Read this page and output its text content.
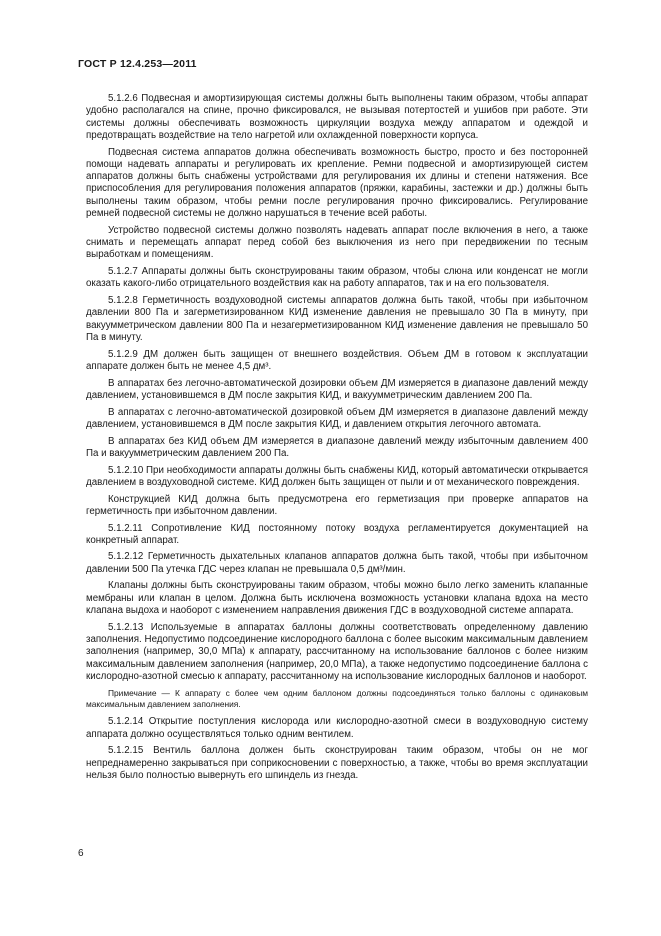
ГОСТ Р 12.4.253—2011

5.1.2.6 Подвесная и амортизирующая системы должны быть выполнены таким образом, чтобы аппарат удобно располагался на спине, прочно фиксировался, не вызывая потертостей и ушибов при работе. Эти системы должны обеспечивать возможность циркуляции воздуха между аппаратом и одеждой и предотвращать воздействие на тело нагретой или охлажденной поверхности корпуса.

Подвесная система аппаратов должна обеспечивать возможность быстро, просто и без посторонней помощи надевать аппараты и регулировать их крепление. Ремни подвесной и амортизирующей систем аппаратов должны быть снабжены устройствами для регулирования их длины и степени натяжения. Все приспособления для регулирования положения аппаратов (пряжки, карабины, застежки и др.) должны быть выполнены таким образом, чтобы ремни после регулирования прочно фиксировались. Регулирование ремней подвесной системы не должно нарушаться в течение всей работы.

Устройство подвесной системы должно позволять надевать аппарат после включения в него, а также снимать и перемещать аппарат перед собой без выключения из него при передвижении по тесным выработкам и помещениям.

5.1.2.7 Аппараты должны быть сконструированы таким образом, чтобы слюна или конденсат не могли оказать какого-либо отрицательного воздействия как на работу аппаратов, так и на его пользователя.

5.1.2.8 Герметичность воздуховодной системы аппаратов должна быть такой, чтобы при избыточном давлении 800 Па и загерметизированном КИД изменение давления не превышало 30 Па в минуту, при вакуумметрическом давлении 800 Па и незагерметизированном КИД изменение давления не превышало 50 Па в минуту.

5.1.2.9 ДМ должен быть защищен от внешнего воздействия. Объем ДМ в готовом к эксплуатации аппарате должен быть не менее 4,5 дм³.

В аппаратах без легочно-автоматической дозировки объем ДМ измеряется в диапазоне давлений между давлением, установившемся в ДМ после закрытия КИД, и вакуумметрическим давлением 200 Па.

В аппаратах с легочно-автоматической дозировкой объем ДМ измеряется в диапазоне давлений между давлением, установившемся в ДМ после закрытия КИД, и давлением открытия легочного автомата.

В аппаратах без КИД объем ДМ измеряется в диапазоне давлений между избыточным давлением 400 Па и вакуумметрическим давлением 200 Па.

5.1.2.10 При необходимости аппараты должны быть снабжены КИД, который автоматически открывается давлением в воздуховодной системе. КИД должен быть защищен от пыли и от механического повреждения.

Конструкцией КИД должна быть предусмотрена его герметизация при проверке аппаратов на герметичность при избыточном давлении.

5.1.2.11 Сопротивление КИД постоянному потоку воздуха регламентируется документацией на конкретный аппарат.

5.1.2.12 Герметичность дыхательных клапанов аппаратов должна быть такой, чтобы при избыточном давлении 500 Па утечка ГДС через клапан не превышала 0,5 дм³/мин.

Клапаны должны быть сконструированы таким образом, чтобы можно было легко заменить клапанные мембраны или клапан в целом. Должна быть исключена возможность установки клапана вдоха на место клапана выдоха и наоборот с изменением направления движения ГДС в воздуховодной системе аппарата.

5.1.2.13 Используемые в аппаратах баллоны должны соответствовать определенному давлению заполнения. Недопустимо подсоединение кислородного баллона с более высоким максимальным давлением заполнения (например, 30,0 МПа) к аппарату, рассчитанному на использование баллонов с более низким максимальным давлением заполнения (например, 20,0 МПа), а также недопустимо подсоединение баллона с кислородно-азотной смесью к аппарату, рассчитанному на использование кислородных баллонов и наоборот.

Примечание — К аппарату с более чем одним баллоном должны подсоединяться только баллоны с одинаковым максимальным давлением заполнения.

5.1.2.14 Открытие поступления кислорода или кислородно-азотной смеси в воздуховодную систему аппарата должно осуществляться только одним вентилем.

5.1.2.15 Вентиль баллона должен быть сконструирован таким образом, чтобы он не мог непреднамеренно закрываться при соприкосновении с поверхностью, а также, чтобы во время эксплуатации нельзя было полностью вывернуть его шпиндель из гнезда.

6
